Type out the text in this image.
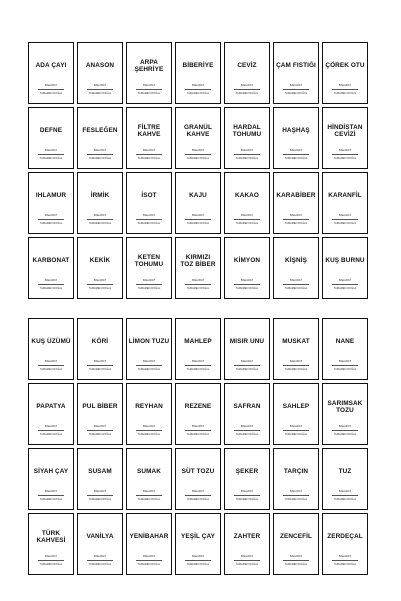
ADA ÇAYI
BAHARAT
TAMAMEN DOĞAL
ANASON
BAHARAT
TAMAMEN DOĞAL
ARPA
ŞEHRİYE
BAHARAT
TAMAMEN DOĞAL
BİBERİYE
BAHARAT
TAMAMEN DOĞAL
CEVİZ
BAHARAT
TAMAMEN DOĞAL
ÇAM FISTIĞI
BAHARAT
TAMAMEN DOĞAL
ÇÖREK OTU
BAHARAT
TAMAMEN DOĞAL
DEFNE
BAHARAT
TAMAMEN DOĞAL
FESLEĞEN
BAHARAT
TAMAMEN DOĞAL
FİLTRE KAHVE
BAHARAT
TAMAMEN DOĞAL
GRANÜL
KAHVE
BAHARAT
TAMAMEN DOĞAL
HARDAL
TOHUMU
BAHARAT
TAMAMEN DOĞAL
HAŞHAŞ
BAHARAT
TAMAMEN DOĞAL
HİNDİSTAN
CEVİZİ
BAHARAT
TAMAMEN DOĞAL
IHLAMUR
BAHARAT
TAMAMEN DOĞAL
İRMİK
BAHARAT
TAMAMEN DOĞAL
İSOT
BAHARAT
TAMAMEN DOĞAL
KAJU
BAHARAT
TAMAMEN DOĞAL
KAKAO
BAHARAT
TAMAMEN DOĞAL
KARABİBER
BAHARAT
TAMAMEN DOĞAL
KARANFİL
BAHARAT
TAMAMEN DOĞAL
KARBONAT
BAHARAT
TAMAMEN DOĞAL
KEKİK
BAHARAT
TAMAMEN DOĞAL
KETEN
TOHUMU
BAHARAT
TAMAMEN DOĞAL
KIRMIZI
TOZ BİBER
BAHARAT
TAMAMEN DOĞAL
KİMYON
BAHARAT
TAMAMEN DOĞAL
KİŞNİŞ
BAHARAT
TAMAMEN DOĞAL
KUŞ BURNU
BAHARAT
TAMAMEN DOĞAL
KUŞ ÜZÜMÜ
BAHARAT
TAMAMEN DOĞAL
KÖRİ
BAHARAT
TAMAMEN DOĞAL
LİMON TUZU
BAHARAT
TAMAMEN DOĞAL
MAHLEP
BAHARAT
TAMAMEN DOĞAL
MISIR UNU
BAHARAT
TAMAMEN DOĞAL
MUSKAT
BAHARAT
TAMAMEN DOĞAL
NANE
BAHARAT
TAMAMEN DOĞAL
PAPATYA
BAHARAT
TAMAMEN DOĞAL
PUL BİBER
BAHARAT
TAMAMEN DOĞAL
REYHAN
BAHARAT
TAMAMEN DOĞAL
REZENE
BAHARAT
TAMAMEN DOĞAL
SAFRAN
BAHARAT
TAMAMEN DOĞAL
SAHLEP
BAHARAT
TAMAMEN DOĞAL
SARIMSAK
TOZU
BAHARAT
TAMAMEN DOĞAL
SİYAH ÇAY
BAHARAT
TAMAMEN DOĞAL
SUSAM
BAHARAT
TAMAMEN DOĞAL
SUMAK
BAHARAT
TAMAMEN DOĞAL
SÜT TOZU
BAHARAT
TAMAMEN DOĞAL
ŞEKER
BAHARAT
TAMAMEN DOĞAL
TARÇIN
BAHARAT
TAMAMEN DOĞAL
TUZ
BAHARAT
TAMAMEN DOĞAL
TÜRK
KAHVESİ
BAHARAT
TAMAMEN DOĞAL
VANİLYA
BAHARAT
TAMAMEN DOĞAL
YENİBAHAR
BAHARAT
TAMAMEN DOĞAL
YEŞİL ÇAY
BAHARAT
TAMAMEN DOĞAL
ZAHTER
BAHARAT
TAMAMEN DOĞAL
ZENCEFİL
BAHARAT
TAMAMEN DOĞAL
ZERDEÇAL
BAHARAT
TAMAMEN DOĞAL
